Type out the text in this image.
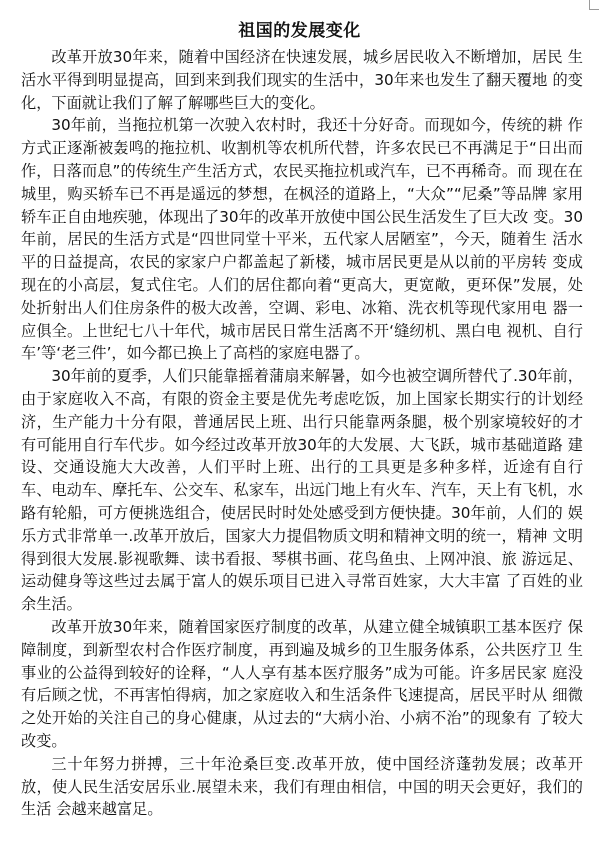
祖国的发展变化

改革开放30年来，随着中国经济在快速发展，城乡居民收入不断增加，居民 生活水平得到明显提高，回到来到我们现实的生活中，30年来也发生了翻天覆地 的变化，下面就让我们了解了解哪些巨大的变化。

30年前，当拖拉机第一次驶入农村时，我还十分好奇。而现如今，传统的耕 作方式正逐渐被轰鸣的拖拉机、收割机等农机所代替，许多农民已不再满足于“日出而作，日落而息”的传统生产生活方式，农民买拖拉机或汽车，已不再稀奇。而 现在在城里，购买轿车已不再是遥远的梦想，在枫泾的道路上，“大众”“尼桑”等品牌 家用轿车正自由地疾驰，体现出了30年的改革开放使中国公民生活发生了巨大改 变。30年前，居民的生活方式是“四世同堂十平米，五代家人居陋室”，今天，随着生 活水平的日益提高，农民的家家户户都盖起了新楼，城市居民更是从以前的平房转 变成现在的小高层，复式住宅。人们的居住都向着“更高大，更宽敞，更环保”发展，处处折射出人们住房条件的极大改善，空调、彩电、冰箱、洗衣机等现代家用电 器一应俱全。上世纪七八十年代，城市居民日常生活离不开‘缝纫机、黑白电 视机、自行车’等‘老三件’，如今都已换上了高档的家庭电器了。

30年前的夏季，人们只能靠摇着蒲扇来解暑，如今也被空调所替代了.30年前，由于家庭收入不高，有限的资金主要是优先考虑吃饭，加上国家长期实行的计划经 济，生产能力十分有限，普通居民上班、出行只能靠两条腿，极个别家境较好的才 有可能用自行车代步。如今经过改革开放30年的大发展、大飞跃，城市基础道路 建设、交通设施大大改善，人们平时上班、出行的工具更是多种多样，近途有自行 车、电动车、摩托车、公交车、私家车，出远门地上有火车、汽车，天上有飞机，水路有轮船，可方便挑选组合，使居民时时处处感受到方便快捷。30年前，人们的 娱乐方式非常单一.改革开放后，国家大力提倡物质文明和精神文明的统一，精神 文明得到很大发展.影视歌舞、读书看报、琴棋书画、花鸟鱼虫、上网冲浪、旅 游远足、运动健身等这些过去属于富人的娱乐项目已进入寻常百姓家，大大丰富 了百姓的业余生活。

改革开放30年来，随着国家医疗制度的改革，从建立健全城镇职工基本医疗 保障制度，到新型农村合作医疗制度，再到遍及城乡的卫生服务体系，公共医疗卫 生事业的公益得到较好的诠释，“人人享有基本医疗服务”成为可能。许多居民家 庭没有后顾之忧，不再害怕得病，加之家庭收入和生活条件飞速提高，居民平时从 细微之处开始的关注自己的身心健康，从过去的“大病小治、小病不治”的现象有 了较大改变。

三十年努力拼搏，三十年沧桑巨变.改革开放，使中国经济蓬勃发展；改革开放，使人民生活安居乐业.展望未来，我们有理由相信，中国的明天会更好，我们的生活 会越来越富足。
